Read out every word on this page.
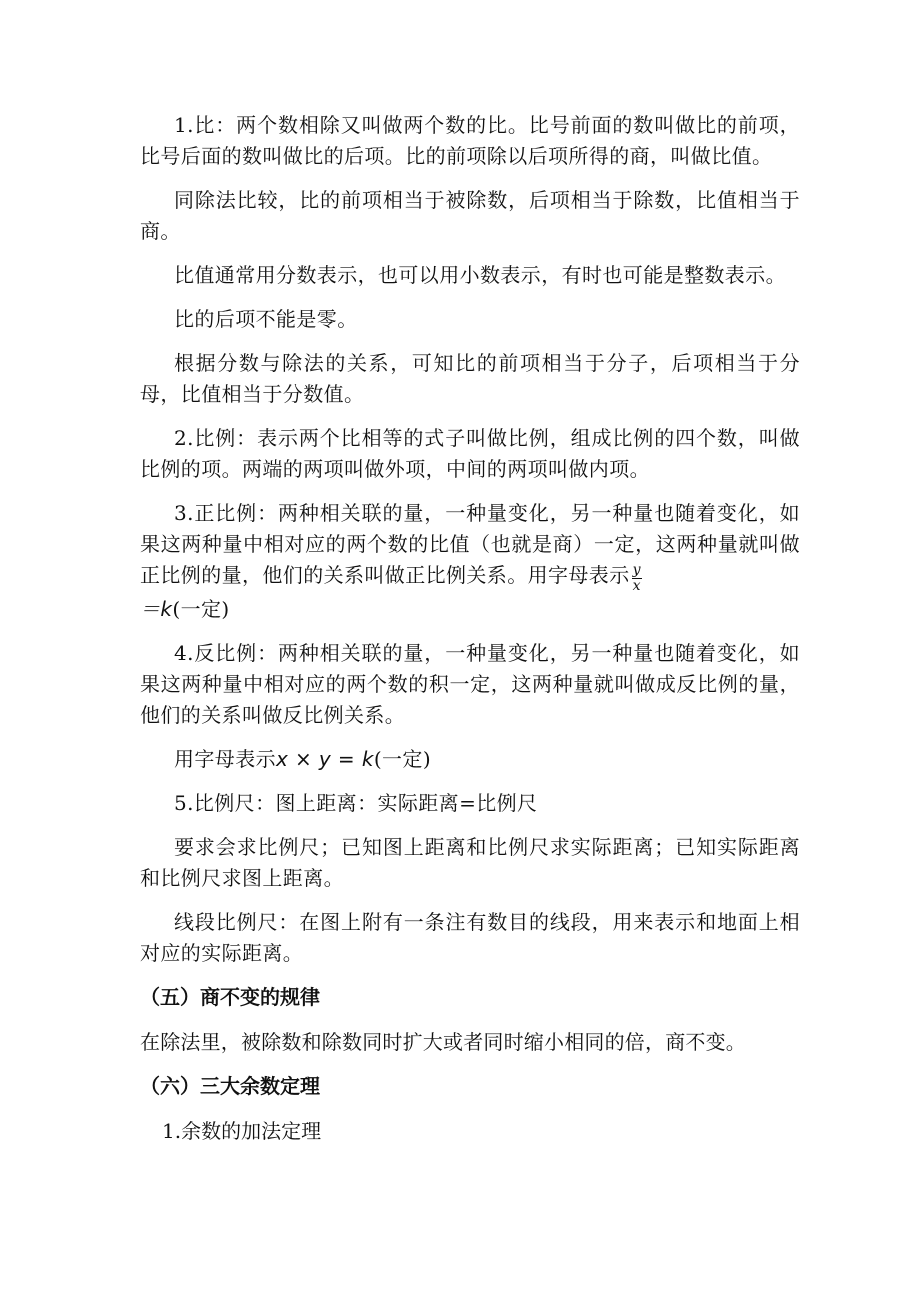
1.比：两个数相除又叫做两个数的比。比号前面的数叫做比的前项，比号后面的数叫做比的后项。比的前项除以后项所得的商，叫做比值。

同除法比较，比的前项相当于被除数，后项相当于除数，比值相当于商。

比值通常用分数表示，也可以用小数表示，有时也可能是整数表示。

比的后项不能是零。

根据分数与除法的关系，可知比的前项相当于分子，后项相当于分母，比值相当于分数值。

2.比例：表示两个比相等的式子叫做比例，组成比例的四个数，叫做比例的项。两端的两项叫做外项，中间的两项叫做内项。

3.正比例：两种相关联的量，一种量变化，另一种量也随着变化，如果这两种量中相对应的两个数的比值（也就是商）一定，这两种量就叫做正比例的量，他们的关系叫做正比例关系。用字母表示 $\frac{y}{x}$

＝k(一定)

4.反比例：两种相关联的量，一种量变化，另一种量也随着变化，如果这两种量中相对应的两个数的积一定，这两种量就叫做成反比例的量，他们的关系叫做反比例关系。

用字母表示x × y = k(一定)

5.比例尺：图上距离：实际距离=比例尺

要求会求比例尺；已知图上距离和比例尺求实际距离；已知实际距离和比例尺求图上距离。

线段比例尺：在图上附有一条注有数目的线段，用来表示和地面上相对应的实际距离。

（五）商不变的规律

在除法里，被除数和除数同时扩大或者同时缩小相同的倍，商不变。

（六）三大余数定理

1.余数的加法定理
